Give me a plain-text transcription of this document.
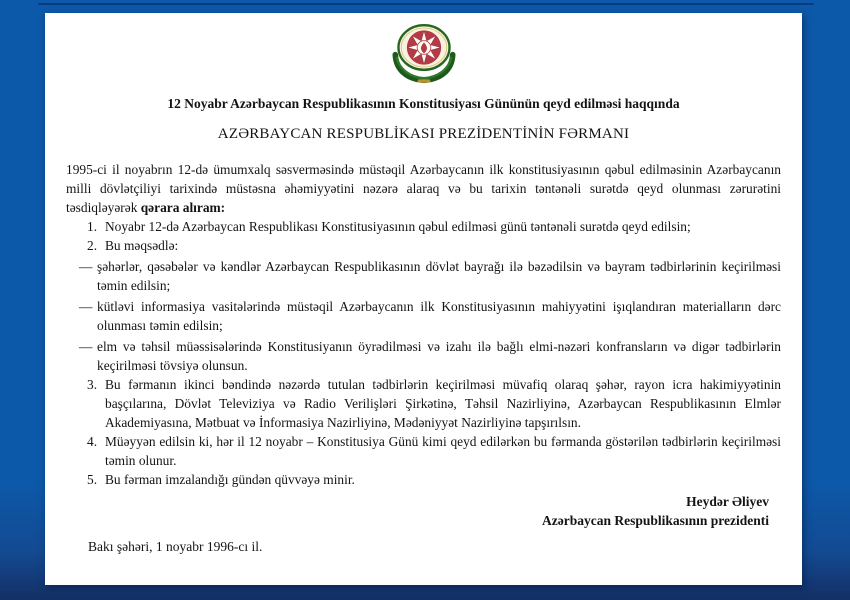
12 Noyabr Azərbaycan Respublikasının Konstitusiyası Gününün qeyd edilməsi haqqında
AZƏRBAYCAN RESPUBLİKASI PREZİDENTİNİN FƏRMANI

1995-ci il noyabrın 12-də ümumxalq səsverməsində müstəqil Azərbaycanın ilk konstitusiyasının qəbul edilməsinin Azərbaycanın milli dövlətçiliyi tarixində müstəsna əhəmiyyətini nəzərə alaraq və bu tarixin təntənəli surətdə qeyd olunması zərurətini təsdiqləyərək qərara alıram:

1. Noyabr 12-də Azərbaycan Respublikası Konstitusiyasının qəbul edilməsi günü təntənəli surətdə qeyd edilsin;
2. Bu məqsədlə:
— şəhərlər, qəsəbələr və kəndlər Azərbaycan Respublikasının dövlət bayrağı ilə bəzədilsin və bayram tədbirlərinin keçirilməsi təmin edilsin;
— kütləvi informasiya vasitələrində müstəqil Azərbaycanın ilk Konstitusiyasının mahiyyətini işıqlandıran materialların dərc olunması təmin edilsin;
— elm və təhsil müəssisələrində Konstitusiyanın öyrədilməsi və izahı ilə bağlı elmi-nəzəri konfransların və digər tədbirlərin keçirilməsi tövsiyə olunsun.
3. Bu fərmanın ikinci bəndində nəzərdə tutulan tədbirlərin keçirilməsi müvafiq olaraq şəhər, rayon icra hakimiyyətinin başçılarına, Dövlət Televiziya və Radio Verilişləri Şirkətinə, Təhsil Nazirliyinə, Azərbaycan Respublikasının Elmlər Akademiyasına, Mətbuat və İnformasiya Nazirliyinə, Mədəniyyət Nazirliyinə tapşırılsın.
4. Müəyyən edilsin ki, hər il 12 noyabr – Konstitusiya Günü kimi qeyd edilərkən bu fərmanda göstərilən tədbirlərin keçirilməsi təmin olunur.
5. Bu fərman imzalandığı gündən qüvvəyə minir.
Heydər Əliyev
Azərbaycan Respublikasının prezidenti
Bakı şəhəri, 1 noyabr 1996-cı il.
